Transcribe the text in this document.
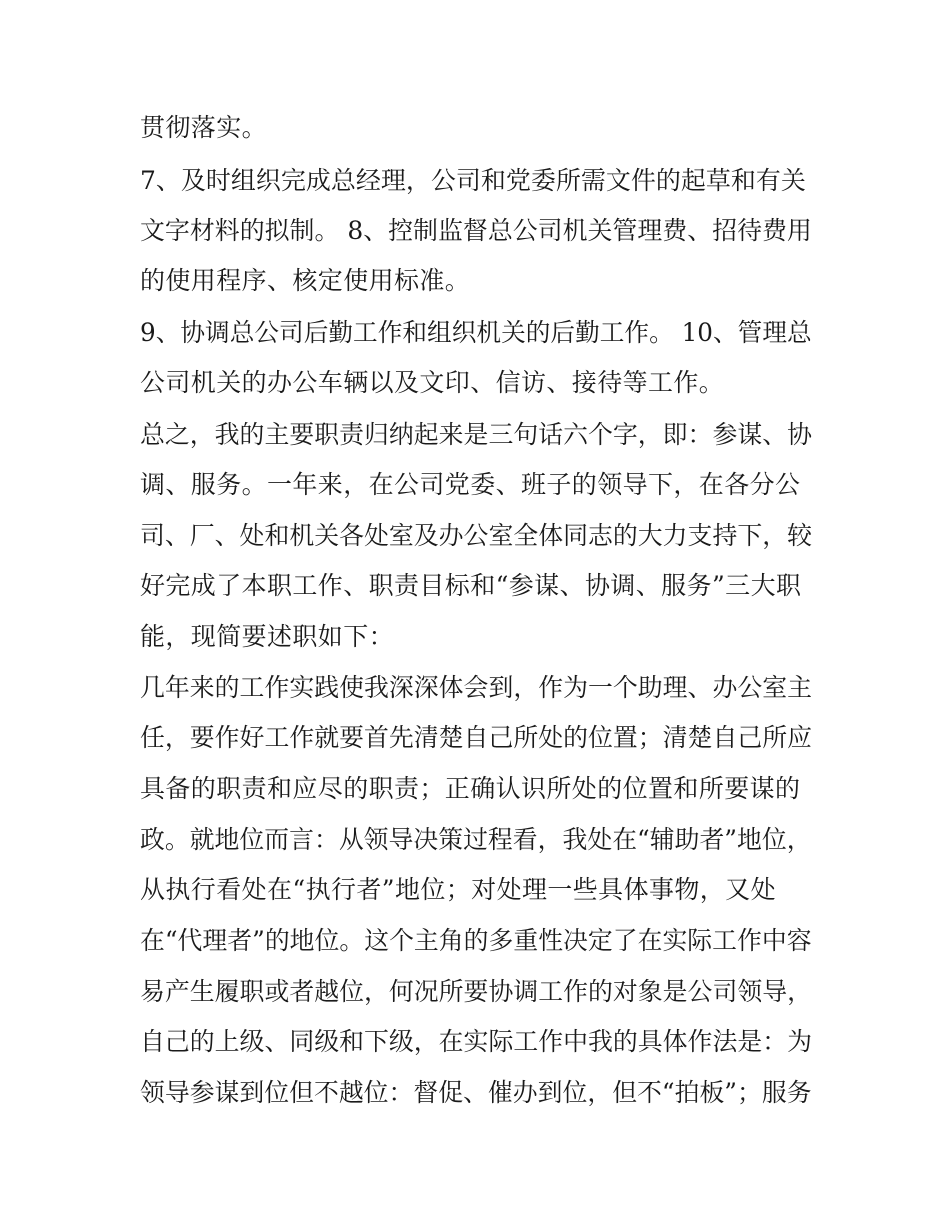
贯彻落实。
7、及时组织完成总经理，公司和党委所需文件的起草和有关
文字材料的拟制。 8、控制监督总公司机关管理费、招待费用
的使用程序、核定使用标准。
9、协调总公司后勤工作和组织机关的后勤工作。 10、管理总
公司机关的办公车辆以及文印、信访、接待等工作。
总之，我的主要职责归纳起来是三句话六个字，即：参谋、协
调、服务。一年来，在公司党委、班子的领导下，在各分公
司、厂、处和机关各处室及办公室全体同志的大力支持下，较
好完成了本职工作、职责目标和“参谋、协调、服务”三大职
能，现简要述职如下：
几年来的工作实践使我深深体会到，作为一个助理、办公室主
任，要作好工作就要首先清楚自己所处的位置；清楚自己所应
具备的职责和应尽的职责；正确认识所处的位置和所要谋的
政。就地位而言：从领导决策过程看，我处在“辅助者”地位，
从执行看处在“执行者”地位；对处理一些具体事物，又处
在“代理者”的地位。这个主角的多重性决定了在实际工作中容
易产生履职或者越位，何况所要协调工作的对象是公司领导，
自己的上级、同级和下级，在实际工作中我的具体作法是：为
领导参谋到位但不越位：督促、催办到位，但不“拍板”；服务
